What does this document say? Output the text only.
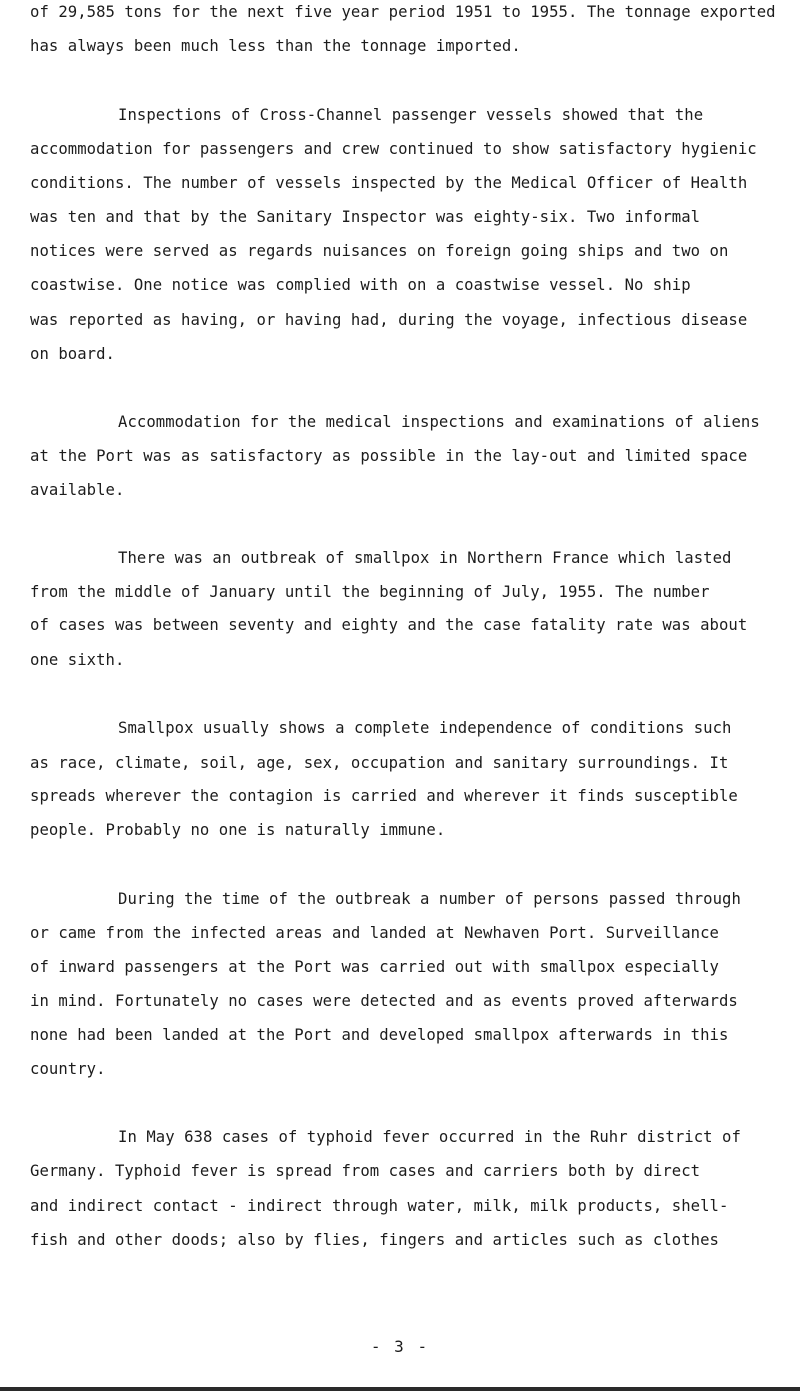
of 29,585 tons for the next five year period 1951 to 1955. The tonnage exported
has always been much less than the tonnage imported.
Inspections of Cross-Channel passenger vessels showed that the
accommodation for passengers and crew continued to show satisfactory hygienic
conditions. The number of vessels inspected by the Medical Officer of Health
was ten and that by the Sanitary Inspector was eighty-six. Two informal
notices were served as regards nuisances on foreign going ships and two on
coastwise. One notice was complied with on a coastwise vessel. No ship
was reported as having, or having had, during the voyage, infectious disease
on board.
Accommodation for the medical inspections and examinations of aliens
at the Port was as satisfactory as possible in the lay-out and limited space
available.
There was an outbreak of smallpox in Northern France which lasted
from the middle of January until the beginning of July, 1955. The number
of cases was between seventy and eighty and the case fatality rate was about
one sixth.
Smallpox usually shows a complete independence of conditions such
as race, climate, soil, age, sex, occupation and sanitary surroundings. It
spreads wherever the contagion is carried and wherever it finds susceptible
people. Probably no one is naturally immune.
During the time of the outbreak a number of persons passed through
or came from the infected areas and landed at Newhaven Port. Surveillance
of inward passengers at the Port was carried out with smallpox especially
in mind. Fortunately no cases were detected and as events proved afterwards
none had been landed at the Port and developed smallpox afterwards in this
country.
In May 638 cases of typhoid fever occurred in the Ruhr district of
Germany. Typhoid fever is spread from cases and carriers both by direct
and indirect contact - indirect through water, milk, milk products, shell-
fish and other doods; also by flies, fingers and articles such as clothes
- 3 -
